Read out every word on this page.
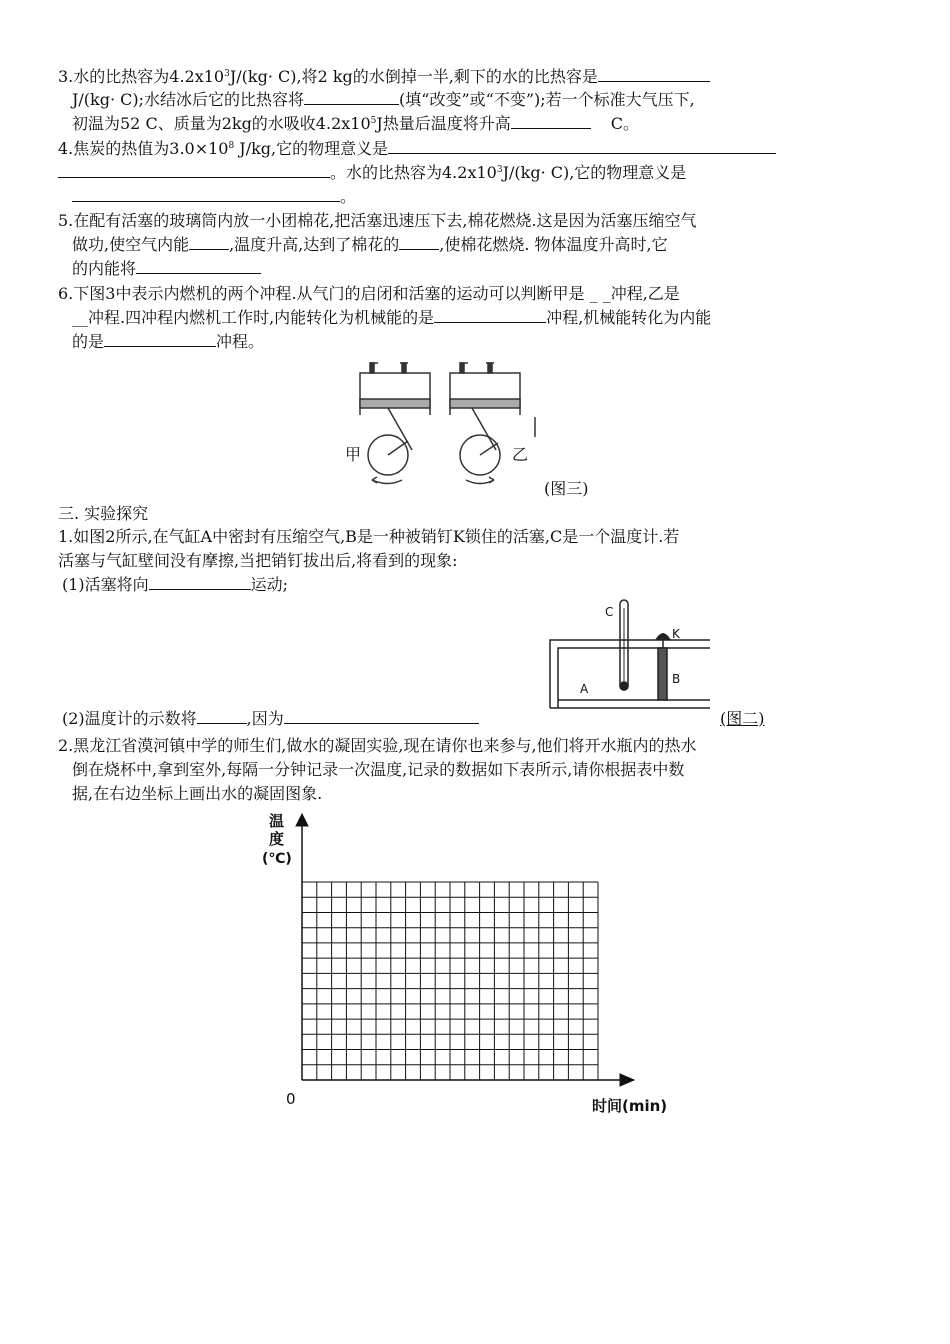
3.水的比热容为$4.2x10^3J/(kg\cdot C)$,将2 kg的水倒掉一半,剩下的水的比热容是
J/(kg· C);水结冰后它的比热容将	(填“改变”或“不变”);若一个标准大气压下,
初温为52 C、质量为2kg的水吸收$4.2x10^5J$热量后温度将升高	C。
4.焦炭的热值为$3.0\times 10^8$ J/kg,它的物理意义是
。水的比热容为$4.2x10^3J/(kg\cdot C)$,它的物理意义是
。
5.在配有活塞的玻璃筒内放一小团棉花,把活塞迅速压下去,棉花燃烧.这是因为活塞压缩空气
做功,使空气内能	,温度升高,达到了棉花的	,使棉花燃烧. 物体温度升高时,它
的内能将
6.下图3中表示内燃机的两个冲程.从气门的启闭和活塞的运动可以判断甲是 _ _冲程,乙是
__冲程.四冲程内燃机工作时,内能转化为机械能的是	冲程,机械能转化为内能
的是	冲程。
甲	乙
(图三)
三. 实验探究
1.如图2所示,在气缸A中密封有压缩空气,B是一种被销钉K锁住的活塞,C是一个温度计.若
活塞与气缸壁间没有摩擦,当把销钉拔出后,将看到的现象:
(1)活塞将向	运动;
C
K
A
B
(2)温度计的示数将	,因为	(图二)
2.黑龙江省漠河镇中学的师生们,做水的凝固实验,现在请你也来参与,他们将开水瓶内的热水
倒在烧杯中,拿到室外,每隔一分钟记录一次温度,记录的数据如下表所示,请你根据表中数
据,在右边坐标上画出水的凝固图象.
温
度
(℃)
0	时间(min)
